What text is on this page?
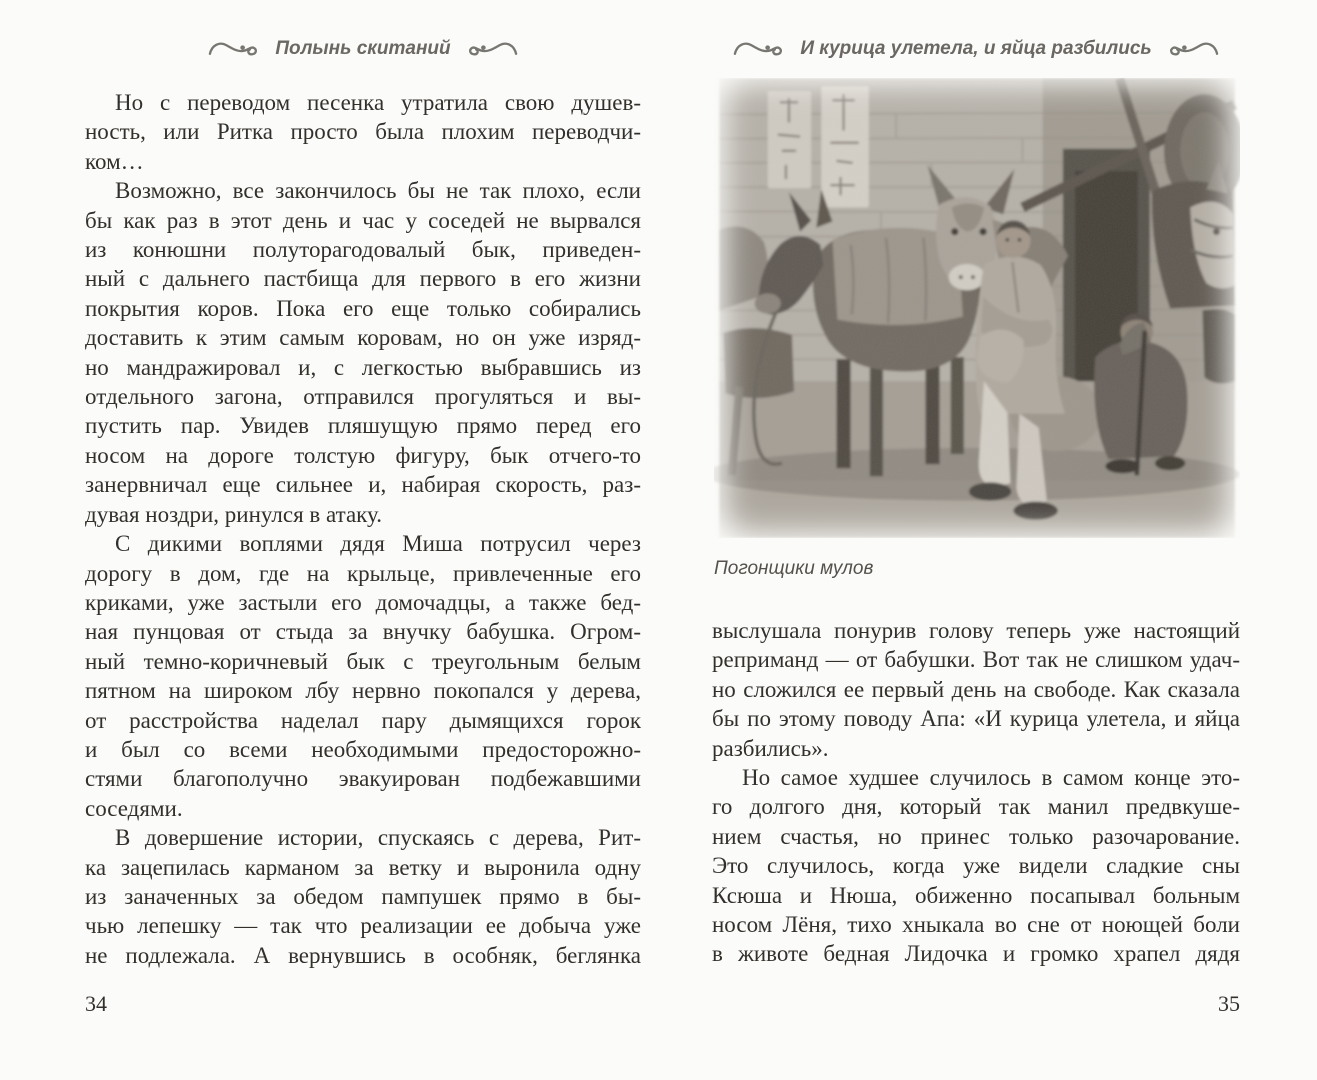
Полынь скитаний
Но с переводом песенка утратила свою душев-
ность, или Ритка просто была плохим переводчи-
ком…
Возможно, все закончилось бы не так плохо, если
бы как раз в этот день и час у соседей не вырвался
из конюшни полуторагодовалый бык, приведен-
ный с дальнего пастбища для первого в его жизни
покрытия коров. Пока его еще только собирались
доставить к этим самым коровам, но он уже изряд-
но мандражировал и, с легкостью выбравшись из
отдельного загона, отправился прогуляться и вы-
пустить пар. Увидев пляшущую прямо перед его
носом на дороге толстую фигуру, бык отчего-то
занервничал еще сильнее и, набирая скорость, раз-
дувая ноздри, ринулся в атаку.
С дикими воплями дядя Миша потрусил через
дорогу в дом, где на крыльце, привлеченные его
криками, уже застыли его домочадцы, а также бед-
ная пунцовая от стыда за внучку бабушка. Огром-
ный темно-коричневый бык с треугольным белым
пятном на широком лбу нервно покопался у дерева,
от расстройства наделал пару дымящихся горок
и был со всеми необходимыми предосторожно-
стями благополучно эвакуирован подбежавшими
соседями.
В довершение истории, спускаясь с дерева, Рит-
ка зацепилась карманом за ветку и выронила одну
из заначенных за обедом пампушек прямо в бы-
чью лепешку — так что реализации ее добыча уже
не подлежала. А вернувшись в особняк, беглянка
34
И курица улетела, и яйца разбились
Погонщики мулов
выслушала понурив голову теперь уже настоящий
реприманд — от бабушки. Вот так не слишком удач-
но сложился ее первый день на свободе. Как сказала
бы по этому поводу Апа: «И курица улетела, и яйца
разбились».
Но самое худшее случилось в самом конце это-
го долгого дня, который так манил предвкуше-
нием счастья, но принес только разочарование.
Это случилось, когда уже видели сладкие сны
Ксюша и Нюша, обиженно посапывал больным
носом Лёня, тихо хныкала во сне от ноющей боли
в животе бедная Лидочка и громко храпел дядя
35
